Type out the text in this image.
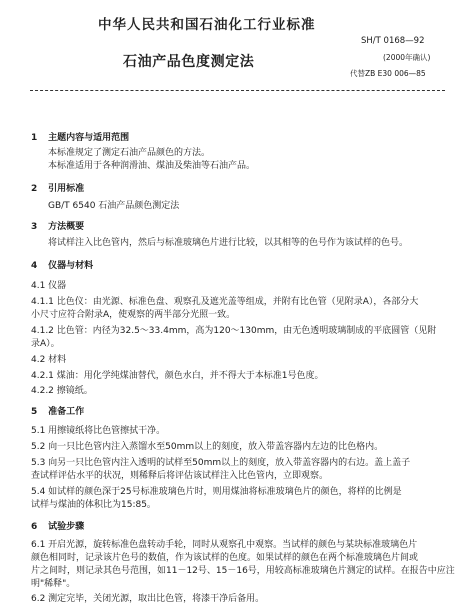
中华人民共和国石油化工行业标准
SH/T 0168—92
(2000年确认)
石油产品色度测定法
代替ZB E30 006—85
1 主题内容与适用范围
本标准规定了测定石油产品颜色的方法。
本标准适用于各种润滑油、煤油及柴油等石油产品。
2 引用标准
GB/T 6540 石油产品颜色测定法
3 方法概要
将试样注入比色管内，然后与标准玻璃色片进行比较，以其相等的色号作为该试样的色号。
4 仪器与材料
4.1 仪器
4.1.1 比色仪：由光源、标准色盘、观察孔及遮光盖等组成，并附有比色管（见附录A），各部分大
小尺寸应符合附录A，使观察的两半部分光照一致。
4.1.2 比色管：内径为32.5～33.4mm，高为120～130mm，由无色透明玻璃制成的平底圆管（见附
录A）。
4.2 材料
4.2.1 煤油：用化学纯煤油替代，颜色水白，并不得大于本标准1号色度。
4.2.2 擦镜纸。
5 准备工作
5.1 用擦镜纸将比色管擦拭干净。
5.2 向一只比色管内注入蒸馏水至50mm以上的刻度，放入带盖容器内左边的比色格内。
5.3 向另一只比色管内注入透明的试样至50mm以上的刻度，放入带盖容器内的右边。盖上盖子
查试样评估水平的状况，则稀释后将评估该试样注入比色管内，立即观察。
5.4 如试样的颜色深于25号标准玻璃色片时，则用煤油将标准玻璃色片的颜色，将样的比例是
试样与煤油的体积比为15:85。
6 试验步骤
6.1 开启光源，旋转标准色盘转动手轮，同时从观察孔中观察。当试样的颜色与某块标准玻璃色片
颜色相同时，记录该片色号的数值，作为该试样的色度。如果试样的颜色在两个标准玻璃色片间或
片之间时，则记录其色号范围，如11－12号、15－16号，用较高标准玻璃色片测定的试样。在报告中应注
明"稀释"。
6.2 测定完毕，关闭光源，取出比色管，将漆干净后备用。
